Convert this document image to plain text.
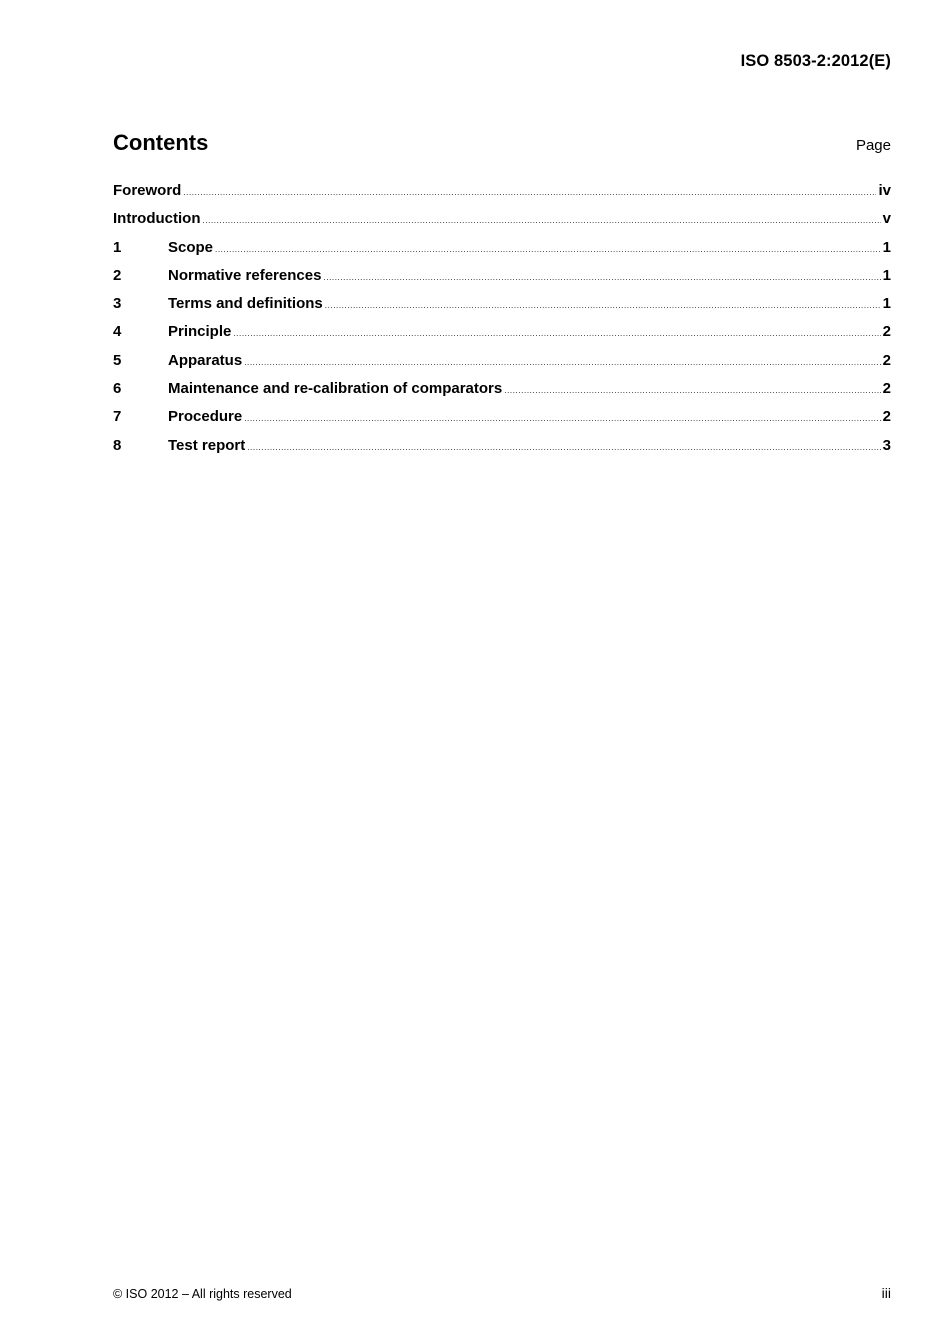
ISO 8503-2:2012(E)
Contents	Page
Foreword .....	iv
Introduction .....	v
1	Scope .....	1
2	Normative references .....	1
3	Terms and definitions .....	1
4	Principle .....	2
5	Apparatus .....	2
6	Maintenance and re-calibration of comparators .....	2
7	Procedure .....	2
8	Test report .....	3
© ISO 2012 – All rights reserved	iii
